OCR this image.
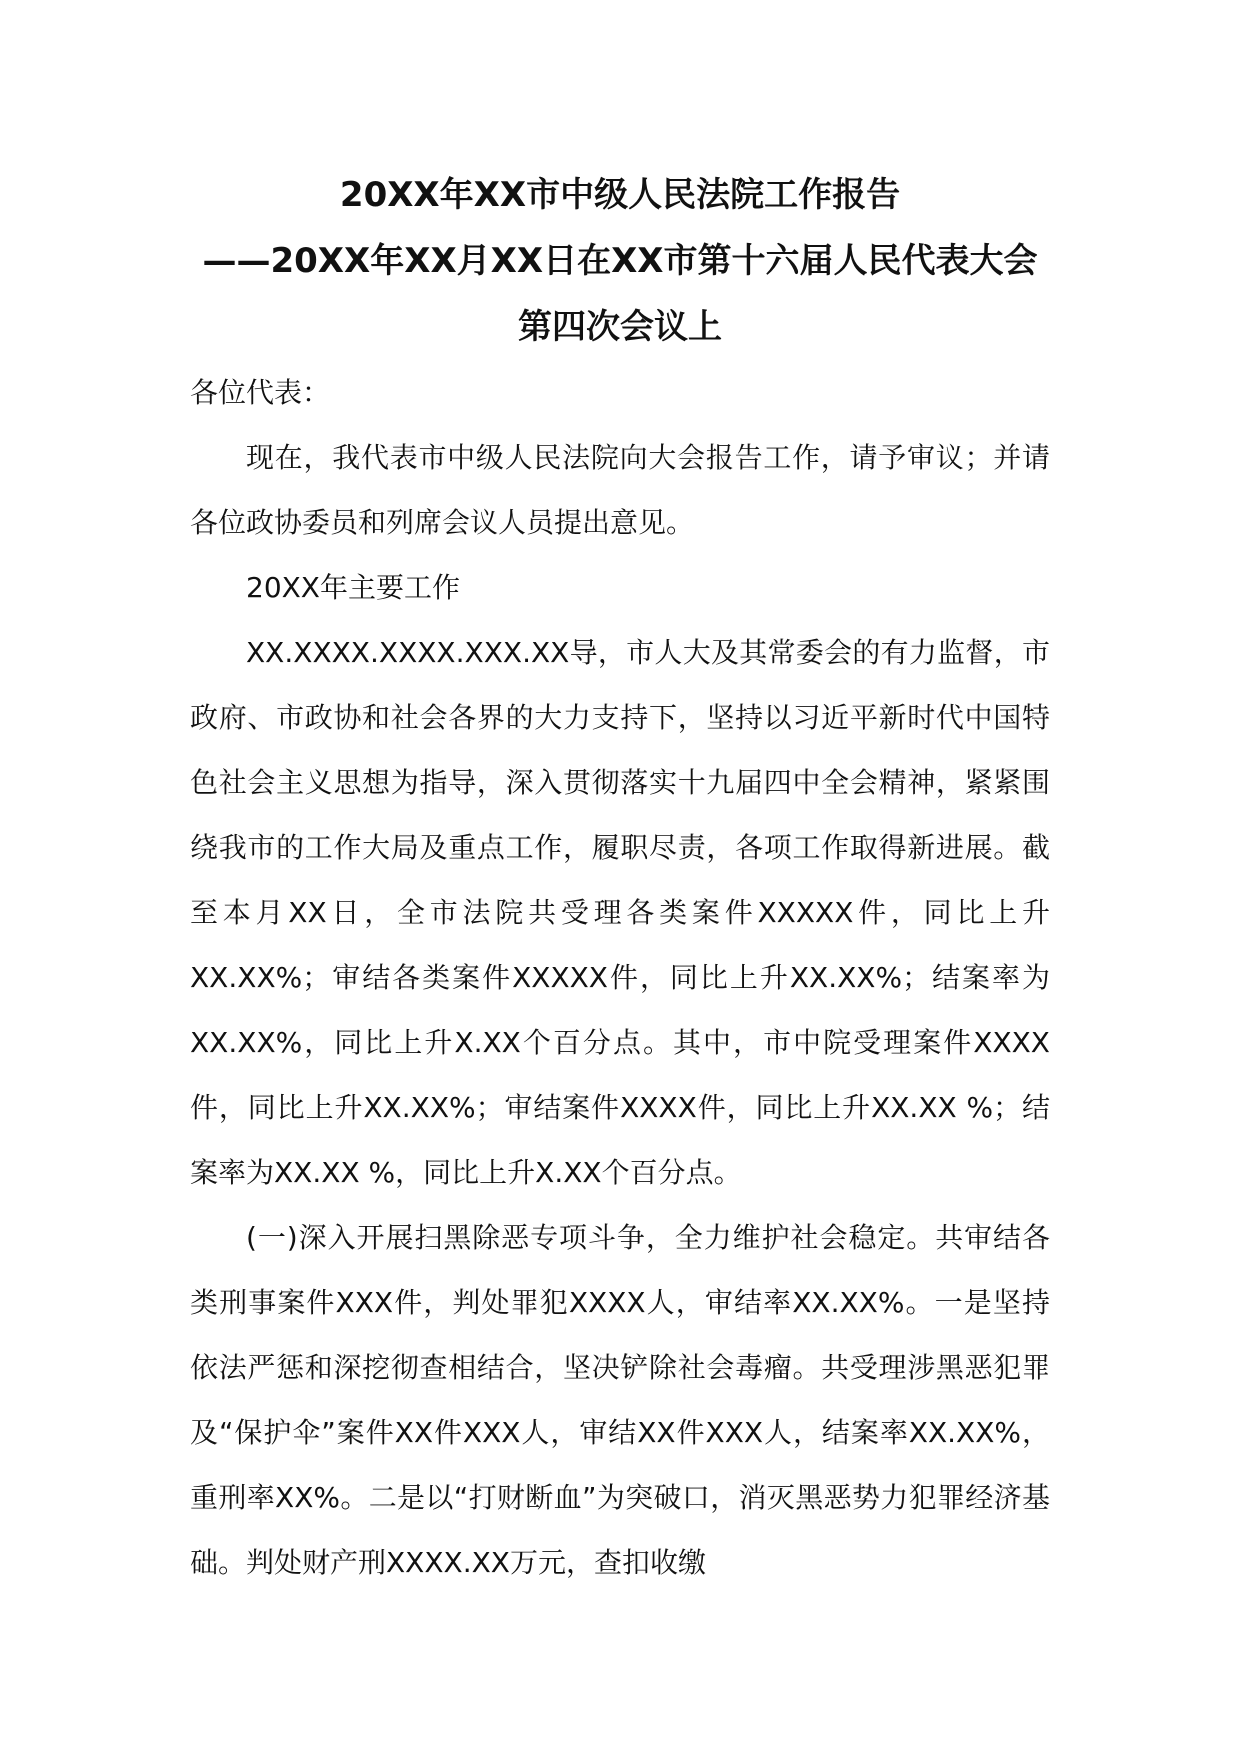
20XX年XX市中级人民法院工作报告
——20XX年XX月XX日在XX市第十六届人民代表大会
第四次会议上

各位代表：

现在，我代表市中级人民法院向大会报告工作，请予审议；并请各位政协委员和列席会议人员提出意见。

20XX年主要工作

XX.XXXX.XXXX.XXX.XX导，市人大及其常委会的有力监督，市政府、市政协和社会各界的大力支持下，坚持以习近平新时代中国特色社会主义思想为指导，深入贯彻落实十九届四中全会精神，紧紧围绕我市的工作大局及重点工作，履职尽责，各项工作取得新进展。截至本月XX日，全市法院共受理各类案件XXXXX件，同比上升XX.XX%；审结各类案件XXXXX件，同比上升XX.XX%；结案率为XX.XX%，同比上升X.XX个百分点。其中，市中院受理案件XXXX件，同比上升XX.XX%；审结案件XXXX件，同比上升XX.XX %；结案率为XX.XX %，同比上升X.XX个百分点。

(一)深入开展扫黑除恶专项斗争，全力维护社会稳定。共审结各类刑事案件XXX件，判处罪犯XXXX人，审结率XX.XX%。一是坚持依法严惩和深挖彻查相结合，坚决铲除社会毒瘤。共受理涉黑恶犯罪及“保护伞”案件XX件XXX人，审结XX件XXX人，结案率XX.XX%，重刑率XX%。二是以“打财断血”为突破口，消灭黑恶势力犯罪经济基础。判处财产刑XXXX.XX万元，查扣收缴
